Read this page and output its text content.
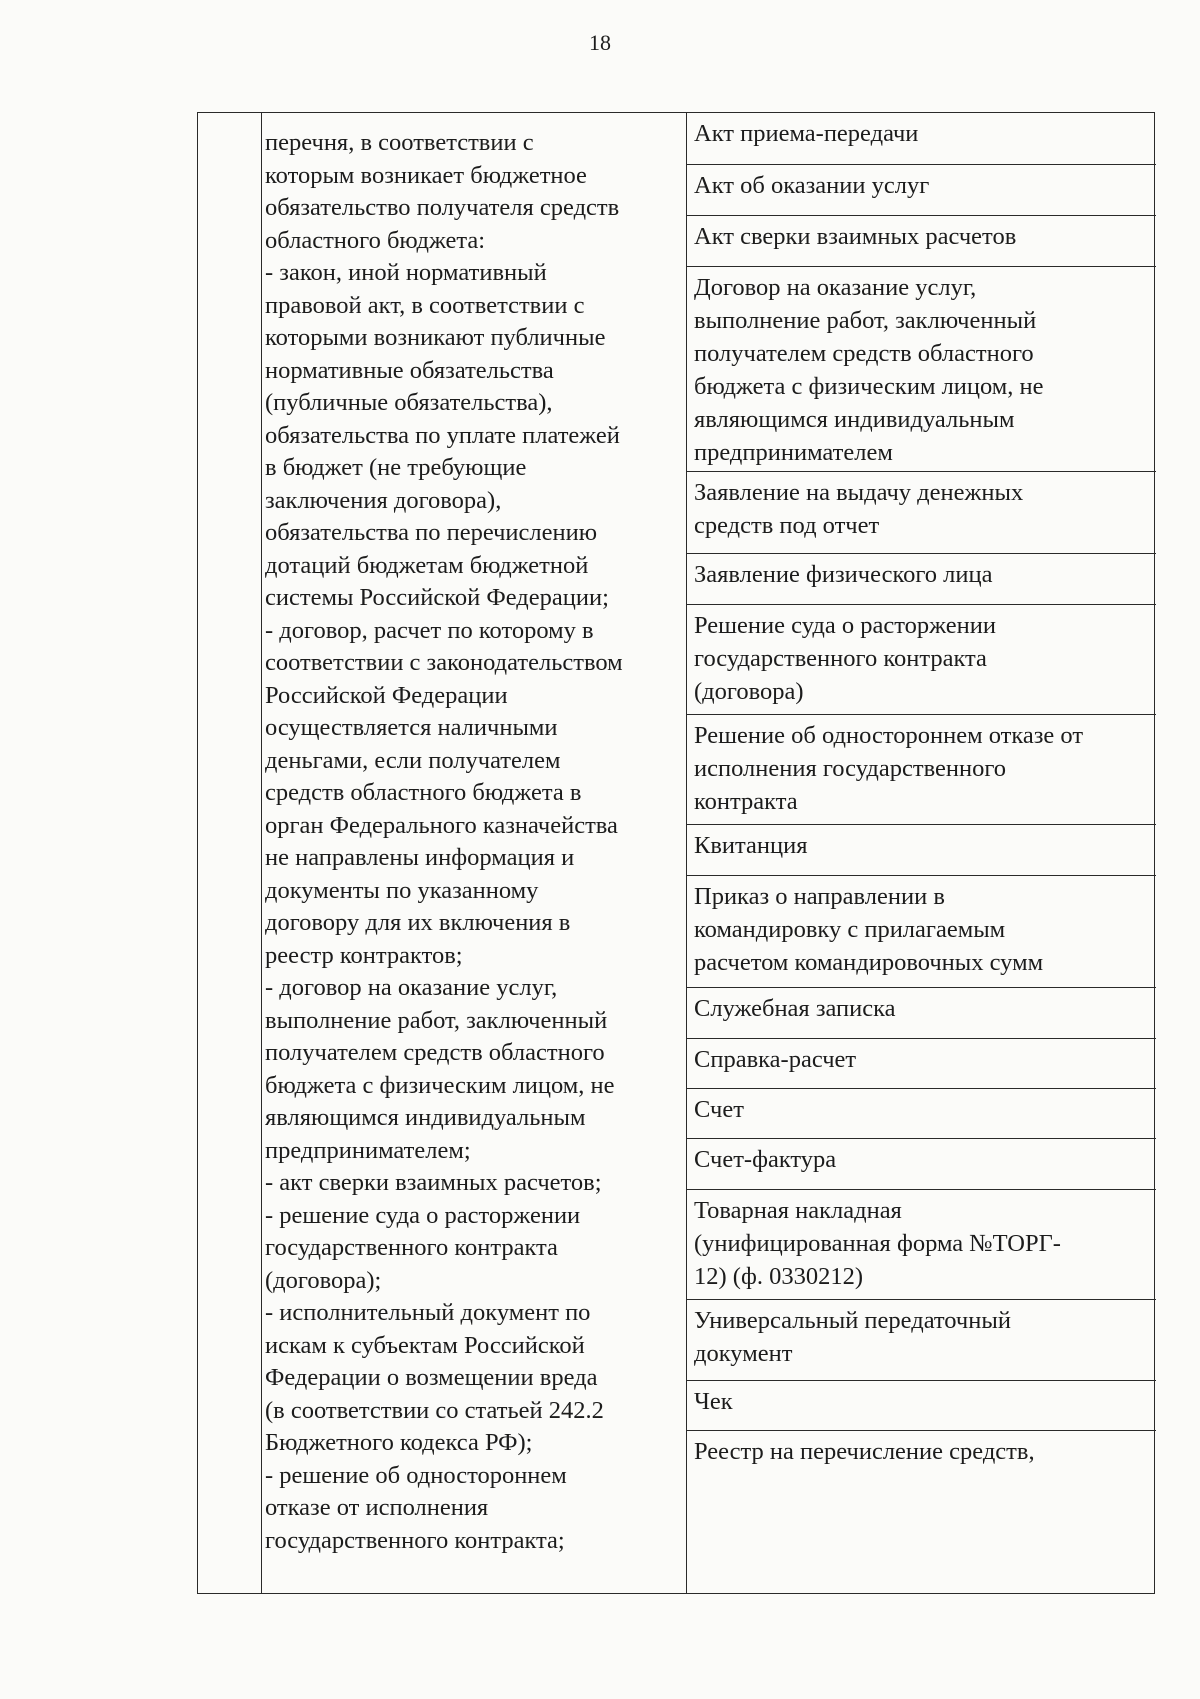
18
перечня, в соответствии с
которым возникает бюджетное
обязательство получателя средств
областного бюджета:
- закон, иной нормативный
правовой акт, в соответствии с
которыми возникают публичные
нормативные обязательства
(публичные обязательства),
обязательства по уплате платежей
в бюджет (не требующие
заключения договора),
обязательства по перечислению
дотаций бюджетам бюджетной
системы Российской Федерации;
- договор, расчет по которому в
соответствии с законодательством
Российской Федерации
осуществляется наличными
деньгами, если получателем
средств областного бюджета в
орган Федерального казначейства
не направлены информация и
документы по указанному
договору для их включения в
реестр контрактов;
- договор на оказание услуг,
выполнение работ, заключенный
получателем средств областного
бюджета с физическим лицом, не
являющимся индивидуальным
предпринимателем;
- акт сверки взаимных расчетов;
- решение суда о расторжении
государственного контракта
(договора);
- исполнительный документ по
искам к субъектам Российской
Федерации о возмещении вреда
(в соответствии со статьей 242.2
Бюджетного кодекса РФ);
- решение об одностороннем
отказе от исполнения
государственного контракта;
Акт приема-передачи
Акт об оказании услуг
Акт сверки взаимных расчетов
Договор на оказание услуг,
выполнение работ, заключенный
получателем средств областного
бюджета с физическим лицом, не
являющимся индивидуальным
предпринимателем
Заявление на выдачу денежных
средств под отчет
Заявление физического лица
Решение суда о расторжении
государственного контракта
(договора)
Решение об одностороннем отказе от
исполнения государственного
контракта
Квитанция
Приказ о направлении в
командировку с прилагаемым
расчетом командировочных сумм
Служебная записка
Справка-расчет
Счет
Счет-фактура
Товарная накладная
(унифицированная форма №ТОРГ-
12) (ф. 0330212)
Универсальный передаточный
документ
Чек
Реестр на перечисление средств,
